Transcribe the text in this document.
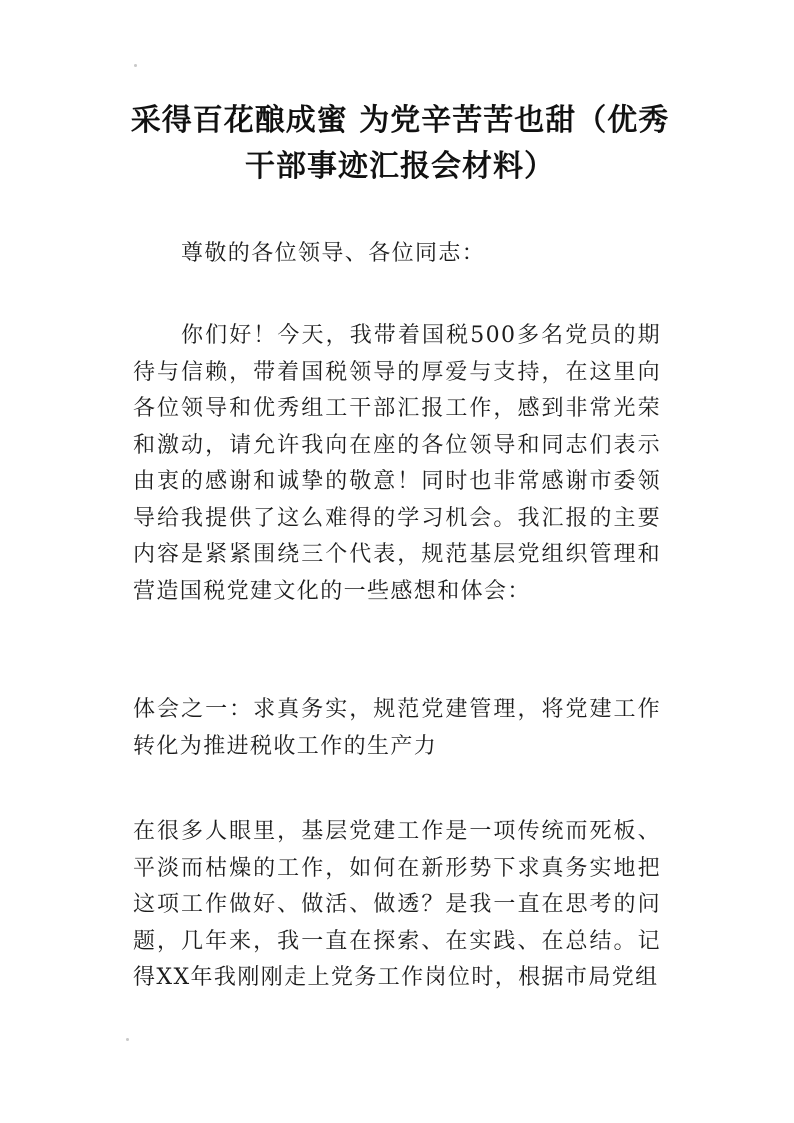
采得百花酿成蜜 为党辛苦苦也甜（优秀干部事迹汇报会材料）

尊敬的各位领导、各位同志：

你们好！今天，我带着国税500多名党员的期待与信赖，带着国税领导的厚爱与支持，在这里向各位领导和优秀组工干部汇报工作，感到非常光荣和激动，请允许我向在座的各位领导和同志们表示由衷的感谢和诚挚的敬意！同时也非常感谢市委领导给我提供了这么难得的学习机会。我汇报的主要内容是紧紧围绕三个代表，规范基层党组织管理和营造国税党建文化的一些感想和体会：

体会之一：求真务实，规范党建管理，将党建工作转化为推进税收工作的生产力

在很多人眼里，基层党建工作是一项传统而死板、平淡而枯燥的工作，如何在新形势下求真务实地把这项工作做好、做活、做透？是我一直在思考的问题，几年来，我一直在探索、在实践、在总结。记得XX年我刚刚走上党务工作岗位时，根据市局党组
